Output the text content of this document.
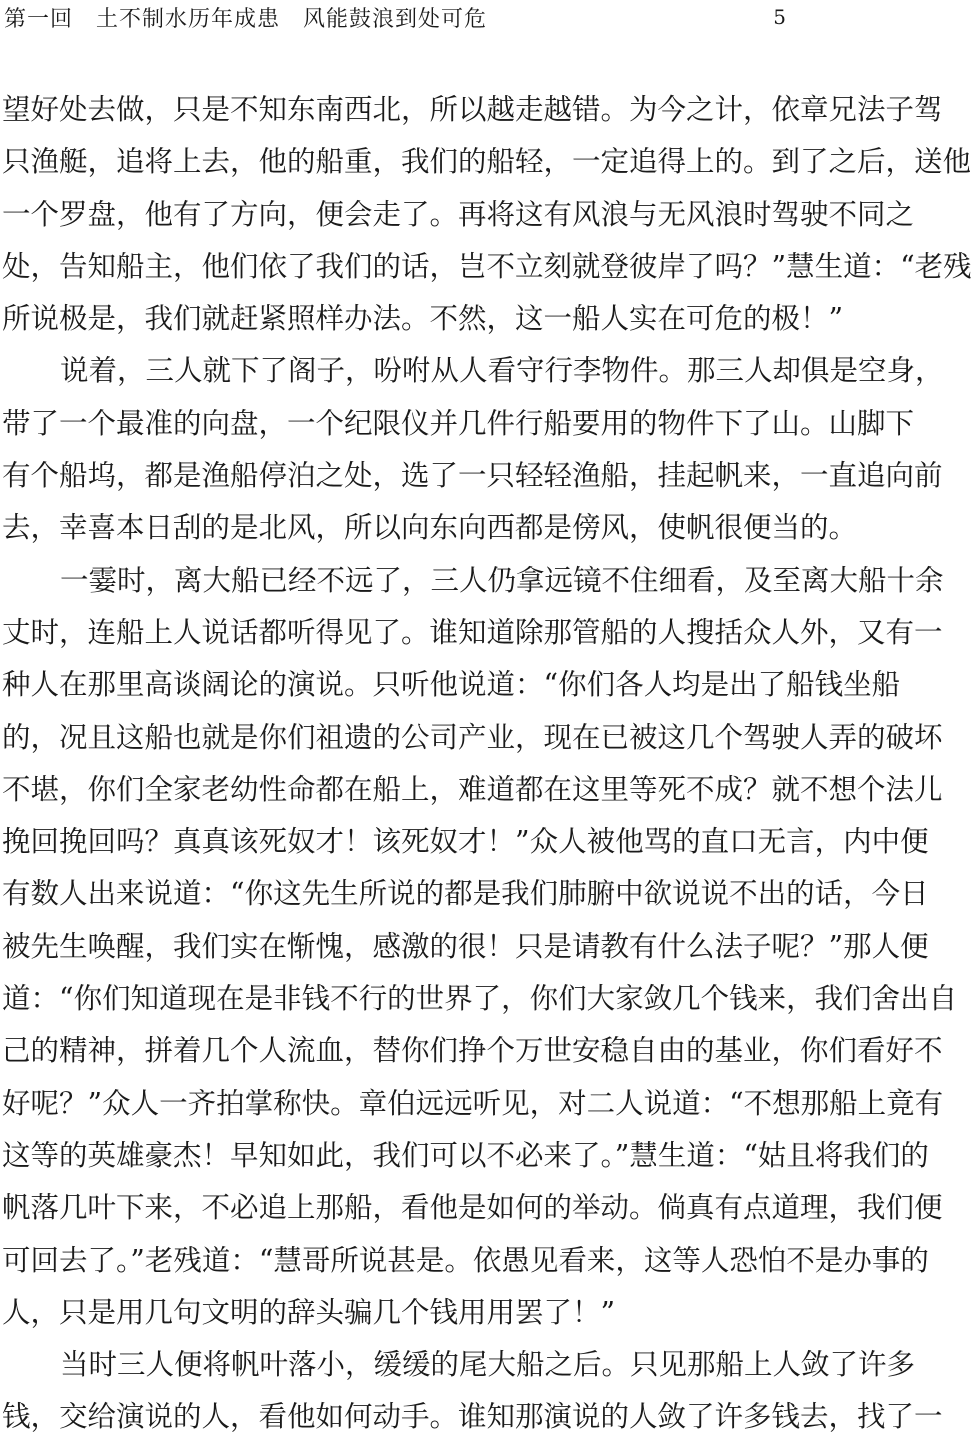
第一回　土不制水历年成患　风能鼓浪到处可危	5
望好处去做，只是不知东南西北，所以越走越错。为今之计，依章兄法子驾
只渔艇，追将上去，他的船重，我们的船轻，一定追得上的。到了之后，送他
一个罗盘，他有了方向，便会走了。再将这有风浪与无风浪时驾驶不同之
处，告知船主，他们依了我们的话，岂不立刻就登彼岸了吗？”慧生道：“老残
所说极是，我们就赶紧照样办法。不然，这一船人实在可危的极！”
说着，三人就下了阁子，吩咐从人看守行李物件。那三人却俱是空身，
带了一个最准的向盘，一个纪限仪并几件行船要用的物件下了山。山脚下
有个船坞，都是渔船停泊之处，选了一只轻轻渔船，挂起帆来，一直追向前
去，幸喜本日刮的是北风，所以向东向西都是傍风，使帆很便当的。
一霎时，离大船已经不远了，三人仍拿远镜不住细看，及至离大船十余
丈时，连船上人说话都听得见了。谁知道除那管船的人搜括众人外，又有一
种人在那里高谈阔论的演说。只听他说道：“你们各人均是出了船钱坐船
的，况且这船也就是你们祖遗的公司产业，现在已被这几个驾驶人弄的破坏
不堪，你们全家老幼性命都在船上，难道都在这里等死不成？就不想个法儿
挽回挽回吗？真真该死奴才！该死奴才！”众人被他骂的直口无言，内中便
有数人出来说道：“你这先生所说的都是我们肺腑中欲说说不出的话，今日
被先生唤醒，我们实在惭愧，感激的很！只是请教有什么法子呢？”那人便
道：“你们知道现在是非钱不行的世界了，你们大家敛几个钱来，我们舍出自
己的精神，拼着几个人流血，替你们挣个万世安稳自由的基业，你们看好不
好呢？”众人一齐拍掌称快。章伯远远听见，对二人说道：“不想那船上竟有
这等的英雄豪杰！早知如此，我们可以不必来了。”慧生道：“姑且将我们的
帆落几叶下来，不必追上那船，看他是如何的举动。倘真有点道理，我们便
可回去了。”老残道：“慧哥所说甚是。依愚见看来，这等人恐怕不是办事的
人，只是用几句文明的辞头骗几个钱用用罢了！”
当时三人便将帆叶落小，缓缓的尾大船之后。只见那船上人敛了许多
钱，交给演说的人，看他如何动手。谁知那演说的人敛了许多钱去，找了一
